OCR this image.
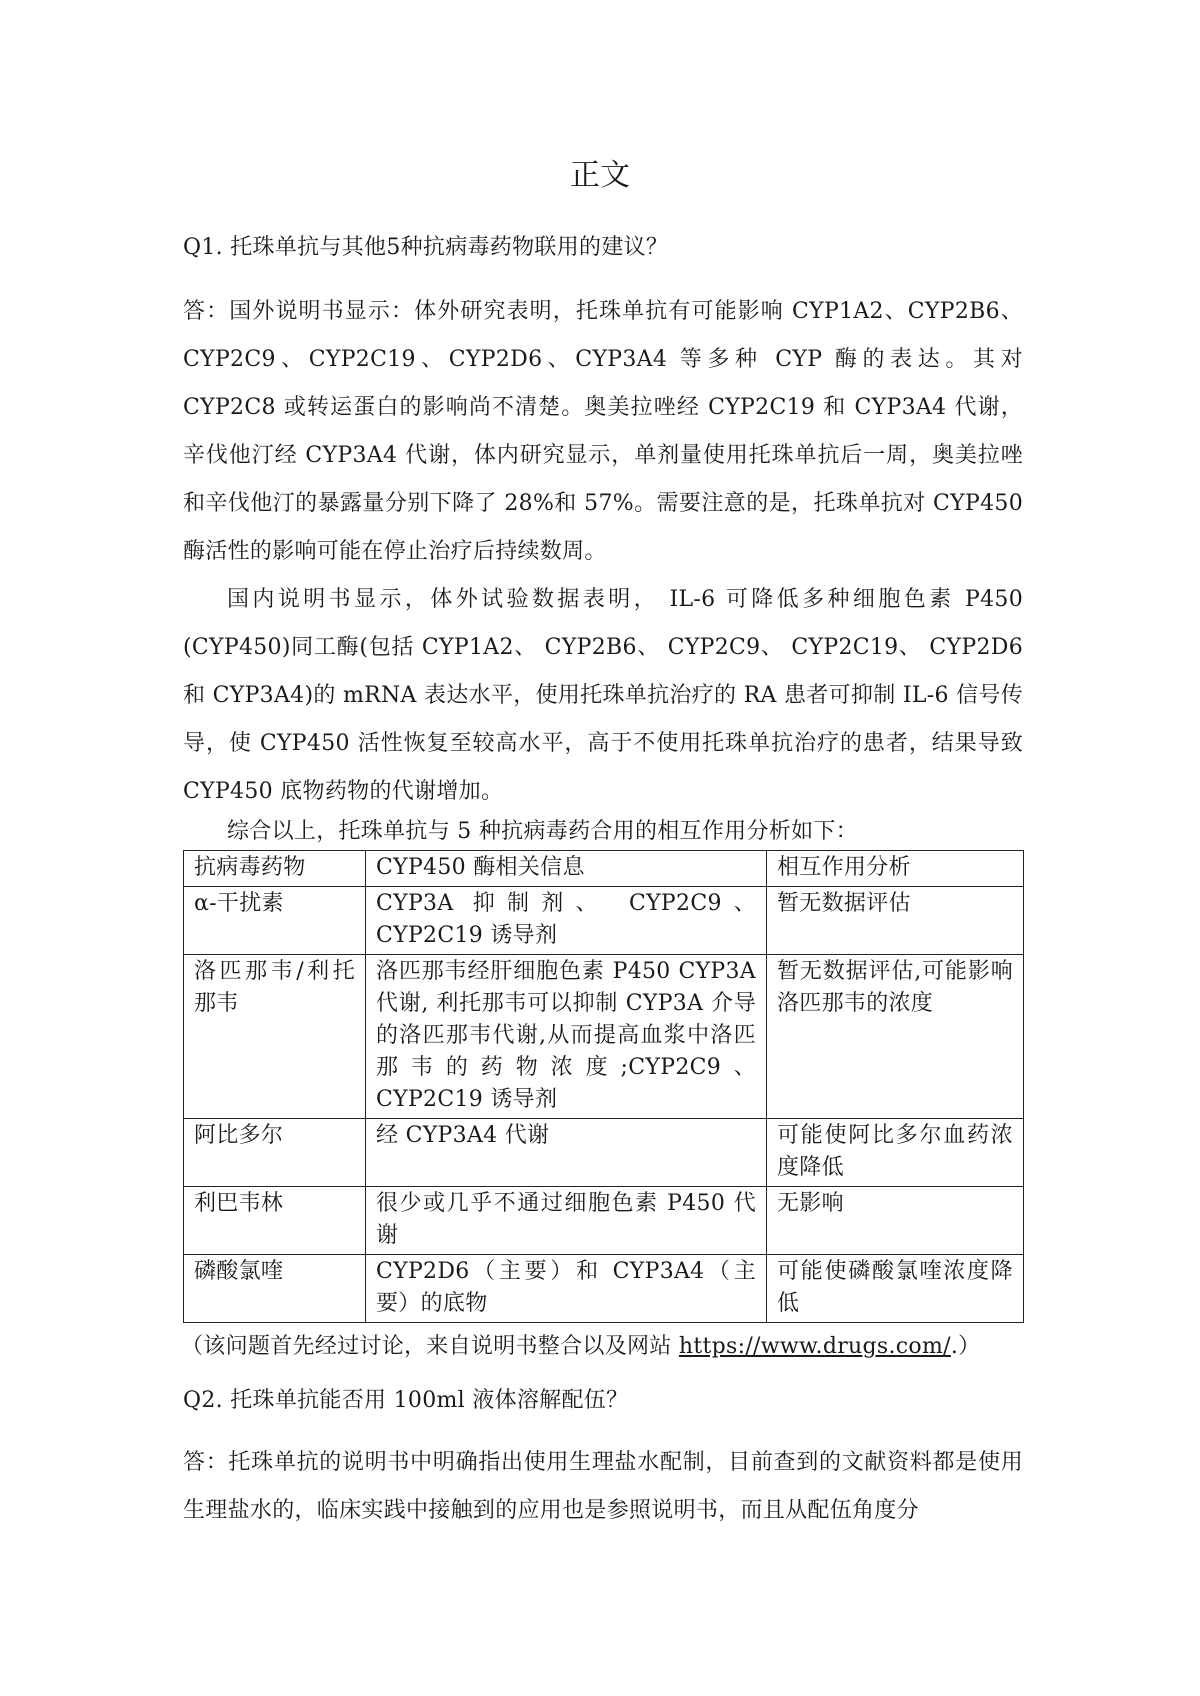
正文

Q1. 托珠单抗与其他5种抗病毒药物联用的建议？

答：国外说明书显示：体外研究表明，托珠单抗有可能影响 CYP1A2、CYP2B6、CYP2C9、CYP2C19、CYP2D6、CYP3A4 等多种 CYP 酶的表达。其对 CYP2C8 或转运蛋白的影响尚不清楚。奥美拉唑经 CYP2C19 和 CYP3A4 代谢，辛伐他汀经 CYP3A4 代谢，体内研究显示，单剂量使用托珠单抗后一周，奥美拉唑和辛伐他汀的暴露量分别下降了 28%和 57%。需要注意的是，托珠单抗对 CYP450 酶活性的影响可能在停止治疗后持续数周。

国内说明书显示，体外试验数据表明， IL-6 可降低多种细胞色素 P450 (CYP450)同工酶(包括 CYP1A2、 CYP2B6、 CYP2C9、 CYP2C19、 CYP2D6 和 CYP3A4)的 mRNA 表达水平，使用托珠单抗治疗的 RA 患者可抑制 IL-6 信号传导，使 CYP450 活性恢复至较高水平，高于不使用托珠单抗治疗的患者，结果导致 CYP450 底物药物的代谢增加。

综合以上，托珠单抗与 5 种抗病毒药合用的相互作用分析如下：

抗病毒药物	CYP450 酶相关信息	相互作用分析
α-干扰素	CYP3A 抑制剂、 CYP2C9、 CYP2C19 诱导剂	暂无数据评估
洛匹那韦/利托那韦	洛匹那韦经肝细胞色素 P450 CYP3A 代谢, 利托那韦可以抑制 CYP3A 介导的洛匹那韦代谢,从而提高血浆中洛匹那韦的药物浓度;CYP2C9、 CYP2C19 诱导剂	暂无数据评估,可能影响洛匹那韦的浓度
阿比多尔	经 CYP3A4 代谢	可能使阿比多尔血药浓度降低
利巴韦林	很少或几乎不通过细胞色素 P450 代谢	无影响
磷酸氯喹	CYP2D6（主要）和 CYP3A4（主要）的底物	可能使磷酸氯喹浓度降低

（该问题首先经过讨论，来自说明书整合以及网站 https://www.drugs.com/.）

Q2. 托珠单抗能否用 100ml 液体溶解配伍？

答：托珠单抗的说明书中明确指出使用生理盐水配制，目前查到的文献资料都是使用生理盐水的，临床实践中接触到的应用也是参照说明书，而且从配伍角度分
